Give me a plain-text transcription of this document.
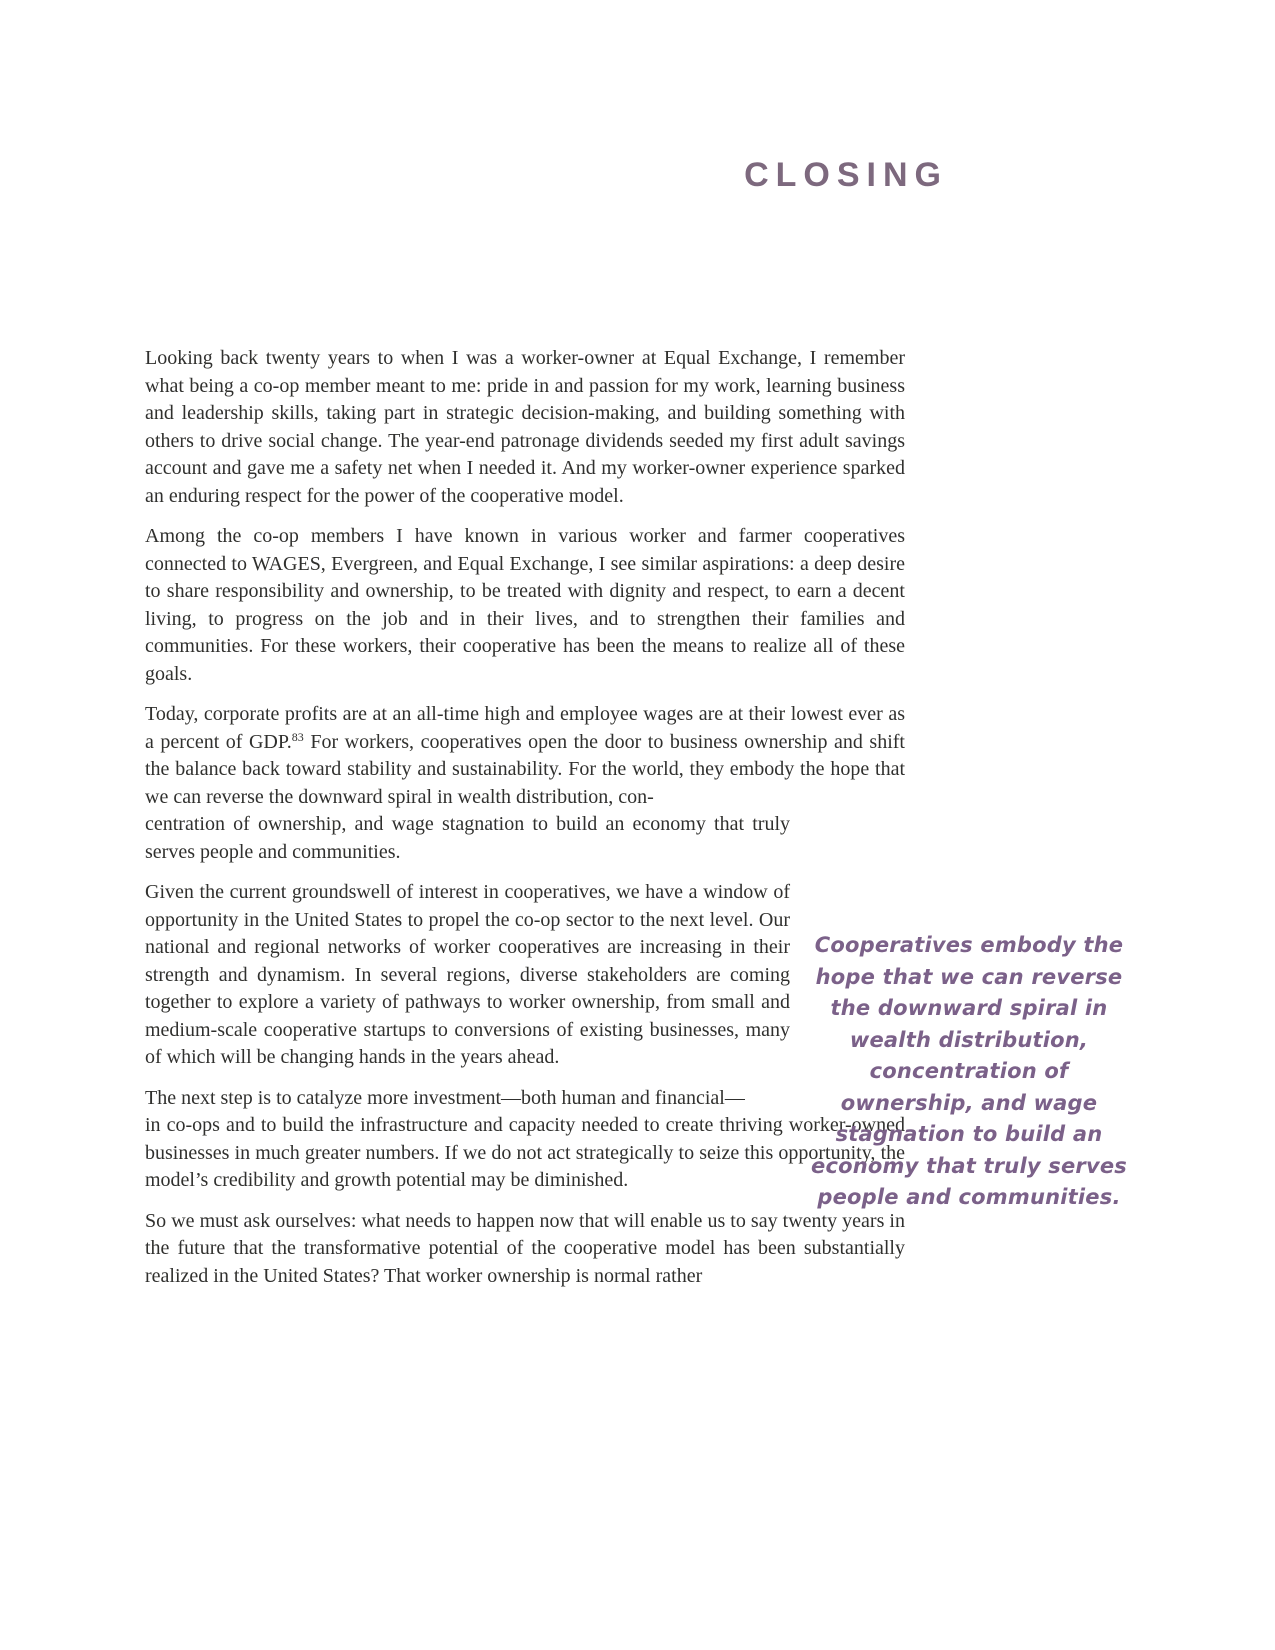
CLOSING

Looking back twenty years to when I was a worker-owner at Equal Exchange, I remember what being a co-op member meant to me: pride in and passion for my work, learning business and leadership skills, taking part in strategic decision-making, and building something with others to drive social change. The year-end patronage dividends seeded my first adult savings account and gave me a safety net when I needed it. And my worker-owner experience sparked an enduring respect for the power of the cooperative model.

Among the co-op members I have known in various worker and farmer cooperatives connected to WAGES, Evergreen, and Equal Exchange, I see similar aspirations: a deep desire to share responsibility and ownership, to be treated with dignity and respect, to earn a decent living, to progress on the job and in their lives, and to strengthen their families and communities. For these workers, their cooperative has been the means to realize all of these goals.

Today, corporate profits are at an all-time high and employee wages are at their lowest ever as a percent of GDP.$^{83}$ For workers, cooperatives open the door to business ownership and shift the balance back toward stability and sustainability. For the world, they embody the hope that we can reverse the downward spiral in wealth distribution, con-

centration of ownership, and wage stagnation to build an economy that truly serves people and communities.

Given the current groundswell of interest in cooperatives, we have a window of opportunity in the United States to propel the co-op sector to the next level. Our national and regional networks of worker cooperatives are increasing in their strength and dynamism. In several regions, diverse stakeholders are coming together to explore a variety of pathways to worker ownership, from small and medium-scale cooperative startups to conversions of existing businesses, many of which will be changing hands in the years ahead.

The next step is to catalyze more investment—both human and financial—

in co-ops and to build the infrastructure and capacity needed to create thriving worker-owned businesses in much greater numbers. If we do not act strategically to seize this opportunity, the model’s credibility and growth potential may be diminished.

So we must ask ourselves: what needs to happen now that will enable us to say twenty years in the future that the transformative potential of the cooperative model has been substantially realized in the United States? That worker ownership is normal rather

Cooperatives embody the hope that we can reverse the downward spiral in wealth distribution, concentration of ownership, and wage stagnation to build an economy that truly serves people and communities.
